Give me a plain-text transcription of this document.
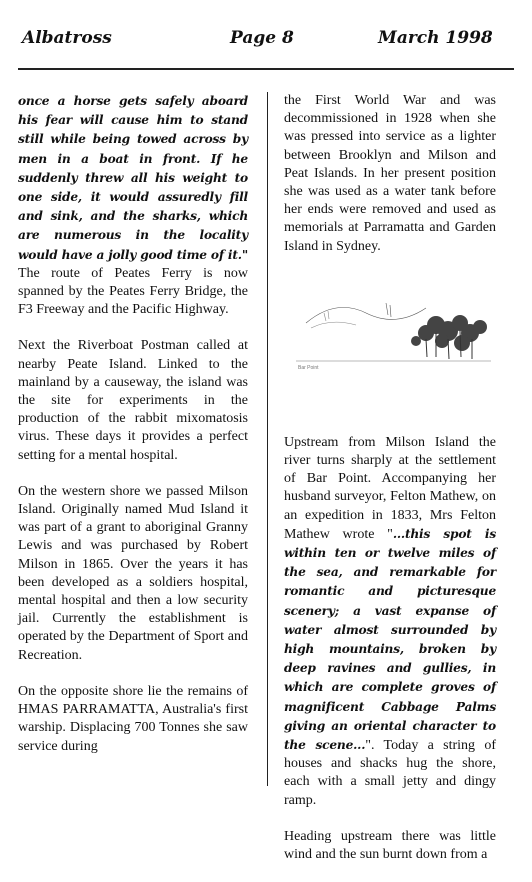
Albatross	Page 8	March 1998

once a horse gets safely aboard his fear will cause him to stand still while being towed across by men in a boat in front. If he suddenly threw all his weight to one side, it would assuredly fill and sink, and the sharks, which are numerous in the locality would have a jolly good time of it." The route of Peates Ferry is now spanned by the Peates Ferry Bridge, the F3 Freeway and the Pacific Highway.

Next the Riverboat Postman called at nearby Peate Island. Linked to the mainland by a causeway, the island was the site for experiments in the production of the rabbit mixomatosis virus. These days it provides a perfect setting for a mental hospital.

On the western shore we passed Milson Island. Originally named Mud Island it was part of a grant to aboriginal Granny Lewis and was purchased by Robert Milson in 1865. Over the years it has been developed as a soldiers hospital, mental hospital and then a low security jail. Currently the establishment is operated by the Department of Sport and Recreation.

On the opposite shore lie the remains of HMAS PARRAMATTA, Australia's first warship. Displacing 700 Tonnes she saw service during

the First World War and was decommissioned in 1928 when she was pressed into service as a lighter between Brooklyn and Milson and Peat Islands. In her present position she was used as a water tank before her ends were removed and used as memorials at Parramatta and Garden Island in Sydney.

Upstream from Milson Island the river turns sharply at the settlement of Bar Point. Accompanying her husband surveyor, Felton Mathew, on an expedition in 1833, Mrs Felton Mathew wrote "...this spot is within ten or twelve miles of the sea, and remarkable for romantic and picturesque scenery; a vast expanse of water almost surrounded by high mountains, broken by deep ravines and gullies, in which are complete groves of magnificent Cabbage Palms giving an oriental character to the scene...". Today a string of houses and shacks hug the shore, each with a small jetty and dingy ramp.

Heading upstream there was little wind and the sun burnt down from a

Bar Point
